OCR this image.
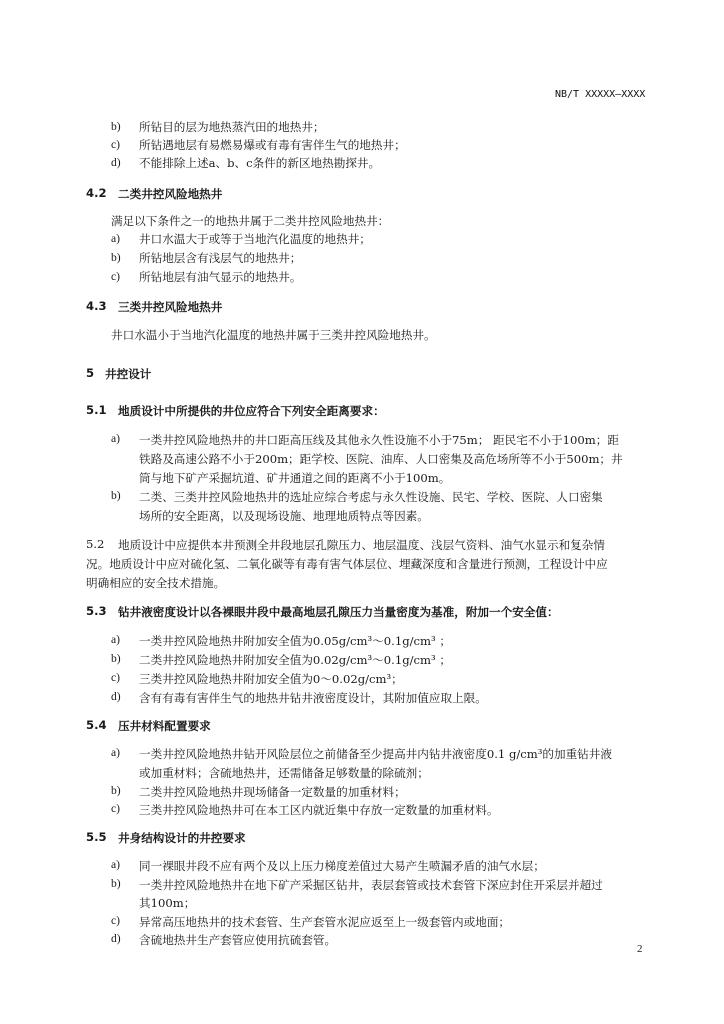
NB/T XXXXX—XXXX
b) 所钻目的层为地热蒸汽田的地热井；
c) 所钻遇地层有易燃易爆或有毒有害伴生气的地热井；
d) 不能排除上述a、b、c条件的新区地热勘探井。
4.2 二类井控风险地热井
满足以下条件之一的地热井属于二类井控风险地热井：
a) 井口水温大于或等于当地汽化温度的地热井；
b) 所钻地层含有浅层气的地热井；
c) 所钻地层有油气显示的地热井。
4.3 三类井控风险地热井
井口水温小于当地汽化温度的地热井属于三类井控风险地热井。
5 井控设计
5.1 地质设计中所提供的井位应符合下列安全距离要求：
a) 一类井控风险地热井的井口距高压线及其他永久性设施不小于75m； 距民宅不小于100m；距
铁路及高速公路不小于200m；距学校、医院、油库、人口密集及高危场所等不小于500m；井
筒与地下矿产采掘坑道、矿井通道之间的距离不小于100m。
b) 二类、三类井控风险地热井的选址应综合考虑与永久性设施、民宅、学校、医院、人口密集
场所的安全距离，以及现场设施、地理地质特点等因素。
5.2 地质设计中应提供本井预测全井段地层孔隙压力、地层温度、浅层气资料、油气水显示和复杂情
况。地质设计中应对硫化氢、二氧化碳等有毒有害气体层位、埋藏深度和含量进行预测，工程设计中应
明确相应的安全技术措施。
5.3 钻井液密度设计以各裸眼井段中最高地层孔隙压力当量密度为基准，附加一个安全值：
a) 一类井控风险地热井附加安全值为0.05g/cm³～0.1g/cm³ ；
b) 二类井控风险地热井附加安全值为0.02g/cm³～0.1g/cm³ ；
c) 三类井控风险地热井附加安全值为0～0.02g/cm³；
d) 含有有毒有害伴生气的地热井钻井液密度设计，其附加值应取上限。
5.4 压井材料配置要求
a) 一类井控风险地热井钻开风险层位之前储备至少提高井内钻井液密度0.1 g/cm³的加重钻井液
或加重材料；含硫地热井，还需储备足够数量的除硫剂；
b) 二类井控风险地热井现场储备一定数量的加重材料；
c) 三类井控风险地热井可在本工区内就近集中存放一定数量的加重材料。
5.5 井身结构设计的井控要求
a) 同一裸眼井段不应有两个及以上压力梯度差值过大易产生喷漏矛盾的油气水层；
b) 一类井控风险地热井在地下矿产采掘区钻井，表层套管或技术套管下深应封住开采层并超过
其100m；
c) 异常高压地热井的技术套管、生产套管水泥应返至上一级套管内或地面；
d) 含硫地热井生产套管应使用抗硫套管。
2
